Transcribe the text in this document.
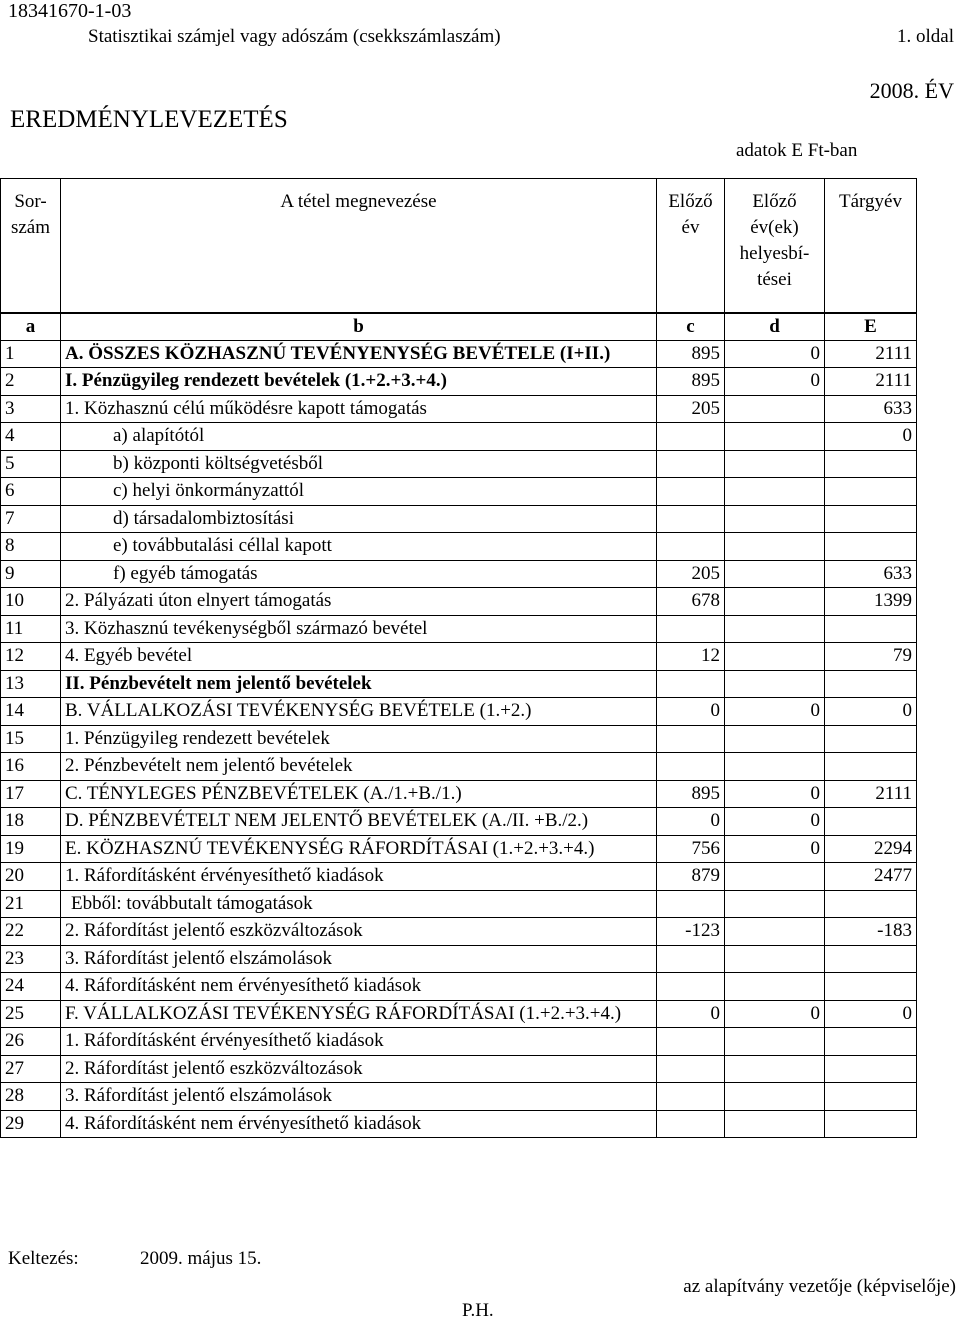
18341670-1-03
Statisztikai számjel vagy adószám (csekkszámlaszám)	1. oldal
2008. ÉV
EREDMÉNYLEVEZETÉS
adatok E Ft-ban
Sor-szám	A tétel megnevezése	Előző év	Előző év(ek) helyesbí-tései	Tárgyév
a	b	c	d	E
1	A. ÖSSZES KÖZHASZNÚ TEVÉNYENYSÉG BEVÉTELE (I+II.)	895	0	2111
2	I. Pénzügyileg rendezett bevételek (1.+2.+3.+4.)	895	0	2111
3	1. Közhasznú célú működésre kapott támogatás	205		633
4	a) alapítótól			0
5	b) központi költségvetésből			
6	c) helyi önkormányzattól			
7	d) társadalombiztosítási			
8	e) továbbutalási céllal kapott			
9	f) egyéb támogatás	205		633
10	2. Pályázati úton elnyert támogatás	678		1399
11	3. Közhasznú tevékenységből származó bevétel			
12	4. Egyéb bevétel	12		79
13	II. Pénzbevételt nem jelentő bevételek			
14	B. VÁLLALKOZÁSI TEVÉKENYSÉG BEVÉTELE (1.+2.)	0	0	0
15	1. Pénzügyileg rendezett bevételek			
16	2. Pénzbevételt nem jelentő bevételek			
17	C. TÉNYLEGES PÉNZBEVÉTELEK (A./1.+B./1.)	895	0	2111
18	D. PÉNZBEVÉTELT NEM JELENTŐ BEVÉTELEK (A./II. +B./2.)	0	0	
19	E. KÖZHASZNÚ TEVÉKENYSÉG RÁFORDÍTÁSAI (1.+2.+3.+4.)	756	0	2294
20	1. Ráfordításként érvényesíthető kiadások	879		2477
21	Ebből: továbbutalt támogatások			
22	2. Ráfordítást jelentő eszközváltozások	-123		-183
23	3. Ráfordítást jelentő elszámolások			
24	4. Ráfordításként nem érvényesíthető kiadások			
25	F. VÁLLALKOZÁSI TEVÉKENYSÉG RÁFORDÍTÁSAI (1.+2.+3.+4.)	0	0	0
26	1. Ráfordításként érvényesíthető kiadások			
27	2. Ráfordítást jelentő eszközváltozások			
28	3. Ráfordítást jelentő elszámolások			
29	4. Ráfordításként nem érvényesíthető kiadások			
Keltezés:	2009. május 15.
az alapítvány vezetője (képviselője)
P.H.
